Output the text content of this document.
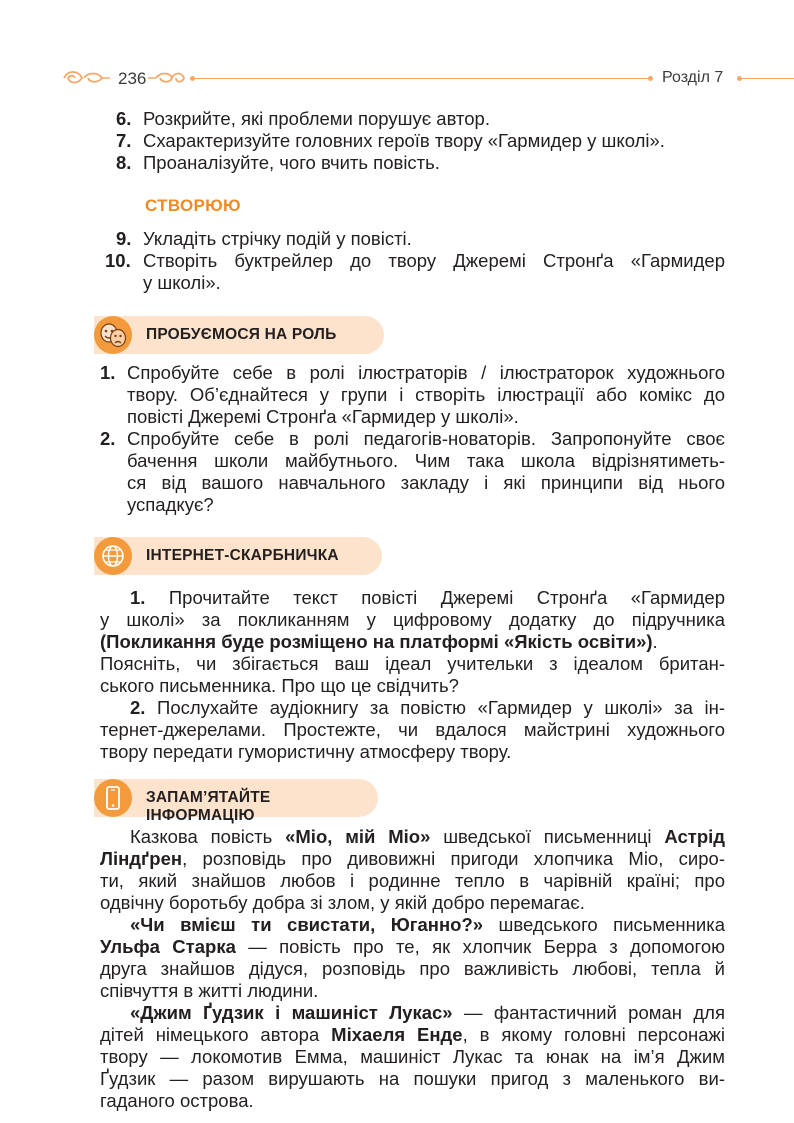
236	Розділ 7
6. Розкрийте, які проблеми порушує автор.
7. Схарактеризуйте головних героїв твору «Гармидер у школі».
8. Проаналізуйте, чого вчить повість.
СТВОРЮЮ
9. Укладіть стрічку подій у повісті.
10. Створіть буктрейлер до твору Джеремі Стронґа «Гармидер
у школі».
ПРОБУЄМОСЯ НА РОЛЬ
1. Спробуйте себе в ролі ілюстраторів / ілюстраторок художнього
твору. Об’єднайтеся у групи і створіть ілюстрації або комікс до
повісті Джеремі Стронґа «Гармидер у школі».
2. Спробуйте себе в ролі педагогів-новаторів. Запропонуйте своє
бачення школи майбутнього. Чим така школа відрізнятиметь-
ся від вашого навчального закладу і які принципи від нього
успадкує?
ІНТЕРНЕТ-СКАРБНИЧКА
1. Прочитайте текст повісті Джеремі Стронґа «Гармидер
у школі» за покликанням у цифровому додатку до підручника
(Покликання буде розміщено на платформі «Якість освіти»).
Поясніть, чи збігається ваш ідеал учительки з ідеалом британ-
ського письменника. Про що це свідчить?
2. Послухайте аудіокнигу за повістю «Гармидер у школі» за ін-
тернет-джерелами. Простежте, чи вдалося майстрині художнього
твору передати гумористичну атмосферу твору.
ЗАПАМ’ЯТАЙТЕ ІНФОРМАЦІЮ
Казкова повість «Міо, мій Міо» шведської письменниці Астрід
Ліндґрен, розповідь про дивовижні пригоди хлопчика Міо, сиро-
ти, який знайшов любов і родинне тепло в чарівній країні; про
одвічну боротьбу добра зі злом, у якій добро перемагає.
«Чи вмієш ти свистати, Юганно?» шведського письменника
Ульфа Старка — повість про те, як хлопчик Берра з допомогою
друга знайшов дідуся, розповідь про важливість любові, тепла й
співчуття в житті людини.
«Джим Ґудзик і машиніст Лукас» — фантастичний роман для
дітей німецького автора Міхаеля Енде, в якому головні персонажі
твору — локомотив Емма, машиніст Лукас та юнак на ім’я Джим
Ґудзик — разом вирушають на пошуки пригод з маленького ви-
гаданого острова.
